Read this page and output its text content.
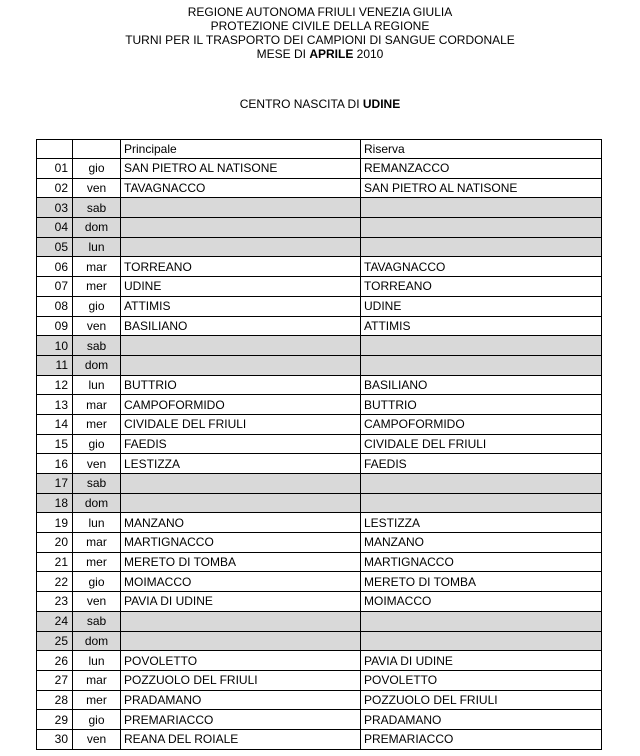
REGIONE AUTONOMA FRIULI VENEZIA GIULIA
PROTEZIONE CIVILE DELLA REGIONE
TURNI PER IL TRASPORTO DEI CAMPIONI DI SANGUE CORDONALE
MESE DI APRILE 2010
CENTRO NASCITA DI UDINE
		Principale	Riserva
01	gio	SAN PIETRO AL NATISONE	REMANZACCO
02	ven	TAVAGNACCO	SAN PIETRO AL NATISONE
03	sab		
04	dom		
05	lun		
06	mar	TORREANO	TAVAGNACCO
07	mer	UDINE	TORREANO
08	gio	ATTIMIS	UDINE
09	ven	BASILIANO	ATTIMIS
10	sab		
11	dom		
12	lun	BUTTRIO	BASILIANO
13	mar	CAMPOFORMIDO	BUTTRIO
14	mer	CIVIDALE DEL FRIULI	CAMPOFORMIDO
15	gio	FAEDIS	CIVIDALE DEL FRIULI
16	ven	LESTIZZA	FAEDIS
17	sab		
18	dom		
19	lun	MANZANO	LESTIZZA
20	mar	MARTIGNACCO	MANZANO
21	mer	MERETO DI TOMBA	MARTIGNACCO
22	gio	MOIMACCO	MERETO DI TOMBA
23	ven	PAVIA DI UDINE	MOIMACCO
24	sab		
25	dom		
26	lun	POVOLETTO	PAVIA DI UDINE
27	mar	POZZUOLO DEL FRIULI	POVOLETTO
28	mer	PRADAMANO	POZZUOLO DEL FRIULI
29	gio	PREMARIACCO	PRADAMANO
30	ven	REANA DEL ROIALE	PREMARIACCO
